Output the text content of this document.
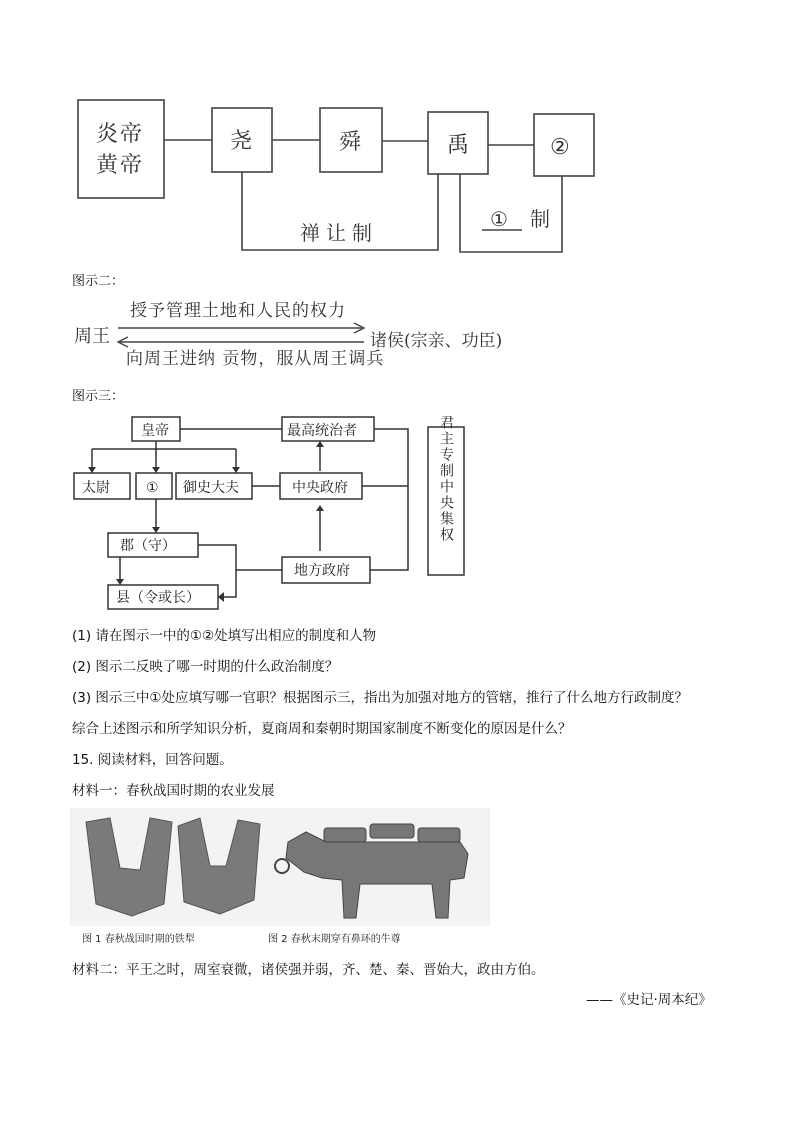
炎帝
黄帝
尧	舜	禹	②
禅让制
① 制
图示二：
授予管理土地和人民的权力
周王	诸侯(宗亲、功臣)
向周王进纳 贡物，服从周王调兵
图示三：
皇帝
太尉	① 御史大夫
郡（守）
县（令或长）
最高统治者
中央政府
地方政府
君主专制
中央集权
(1) 请在图示一中的①②处填写出相应的制度和人物
(2) 图示二反映了哪一时期的什么政治制度？
(3) 图示三中①处应填写哪一官职？根据图示三，指出为加强对地方的管辖，推行了什么地方行政制度？
综合上述图示和所学知识分析，夏商周和秦朝时期国家制度不断变化的原因是什么？
15. 阅读材料，回答问题。
材料一：春秋战国时期的农业发展
图 1 春秋战国时期的铁犁	图 2 春秋末期穿有鼻环的牛尊
材料二：平王之时，周室衰微，诸侯强并弱，齐、楚、秦、晋始大，政由方伯。
——《史记·周本纪》
